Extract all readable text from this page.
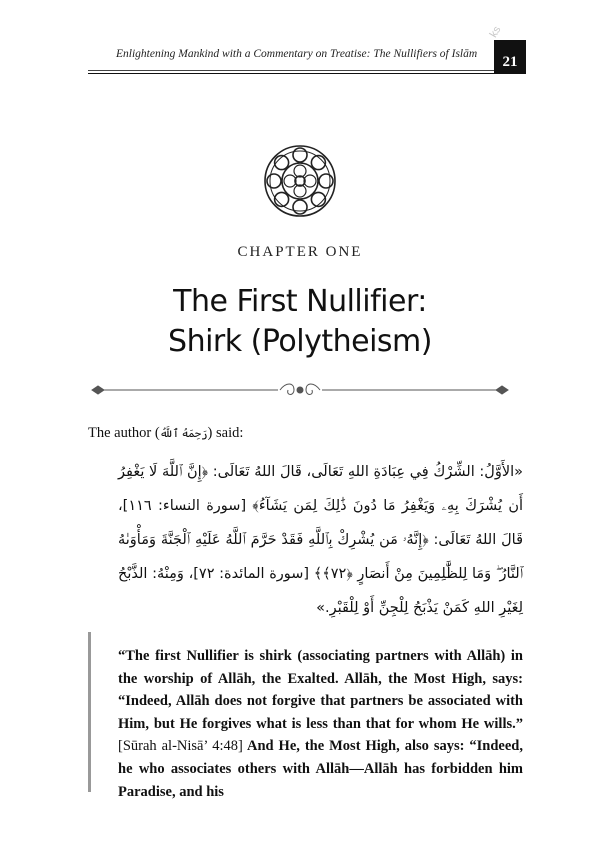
Enlightening Mankind with a Commentary on Treatise: The Nullifiers of Islām 21
ks
CHAPTER ONE
The First Nullifier:
Shirk (Polytheism)
The author (رَحِمَهُ ٱللَّهُ) said:
«الأَوَّلُ: الشِّرْكُ فِي عِبَادَةِ اللهِ تَعَالَى، قَالَ اللهُ تَعَالَى: ﴿إِنَّ ٱللَّهَ لَا يَغْفِرُ أَن يُشْرَكَ بِهِۦ وَيَغْفِرُ مَا دُونَ ذَٰلِكَ لِمَن يَشَآءُ﴾ [سورة النساء: ١١٦]، قَالَ اللهُ تَعَالَى: ﴿إِنَّهُۥ مَن يُشْرِكْ بِٱللَّهِ فَقَدْ حَرَّمَ ٱللَّهُ عَلَيْهِ ٱلْجَنَّةَ وَمَأْوَىٰهُ ٱلنَّارُ ۖ وَمَا لِلظَّٰلِمِينَ مِنْ أَنصَارٍ ﴿٧٢﴾﴾ [سورة المائدة: ٧٢]، وَمِنْهُ: الذَّبْحُ لِغَيْرِ اللهِ كَمَنْ يَذْبَحُ لِلْجِنِّ أَوْ لِلْقَبْرِ.»
“The first Nullifier is shirk (associating partners with Allāh) in the worship of Allāh, the Exalted. Allāh, the Most High, says: “Indeed, Allāh does not forgive that partners be associated with Him, but He forgives what is less than that for whom He wills.” [Sūrah al-Nisā’ 4:48] And He, the Most High, also says: “Indeed, he who associates others with Allāh—Allāh has forbidden him Paradise, and his
